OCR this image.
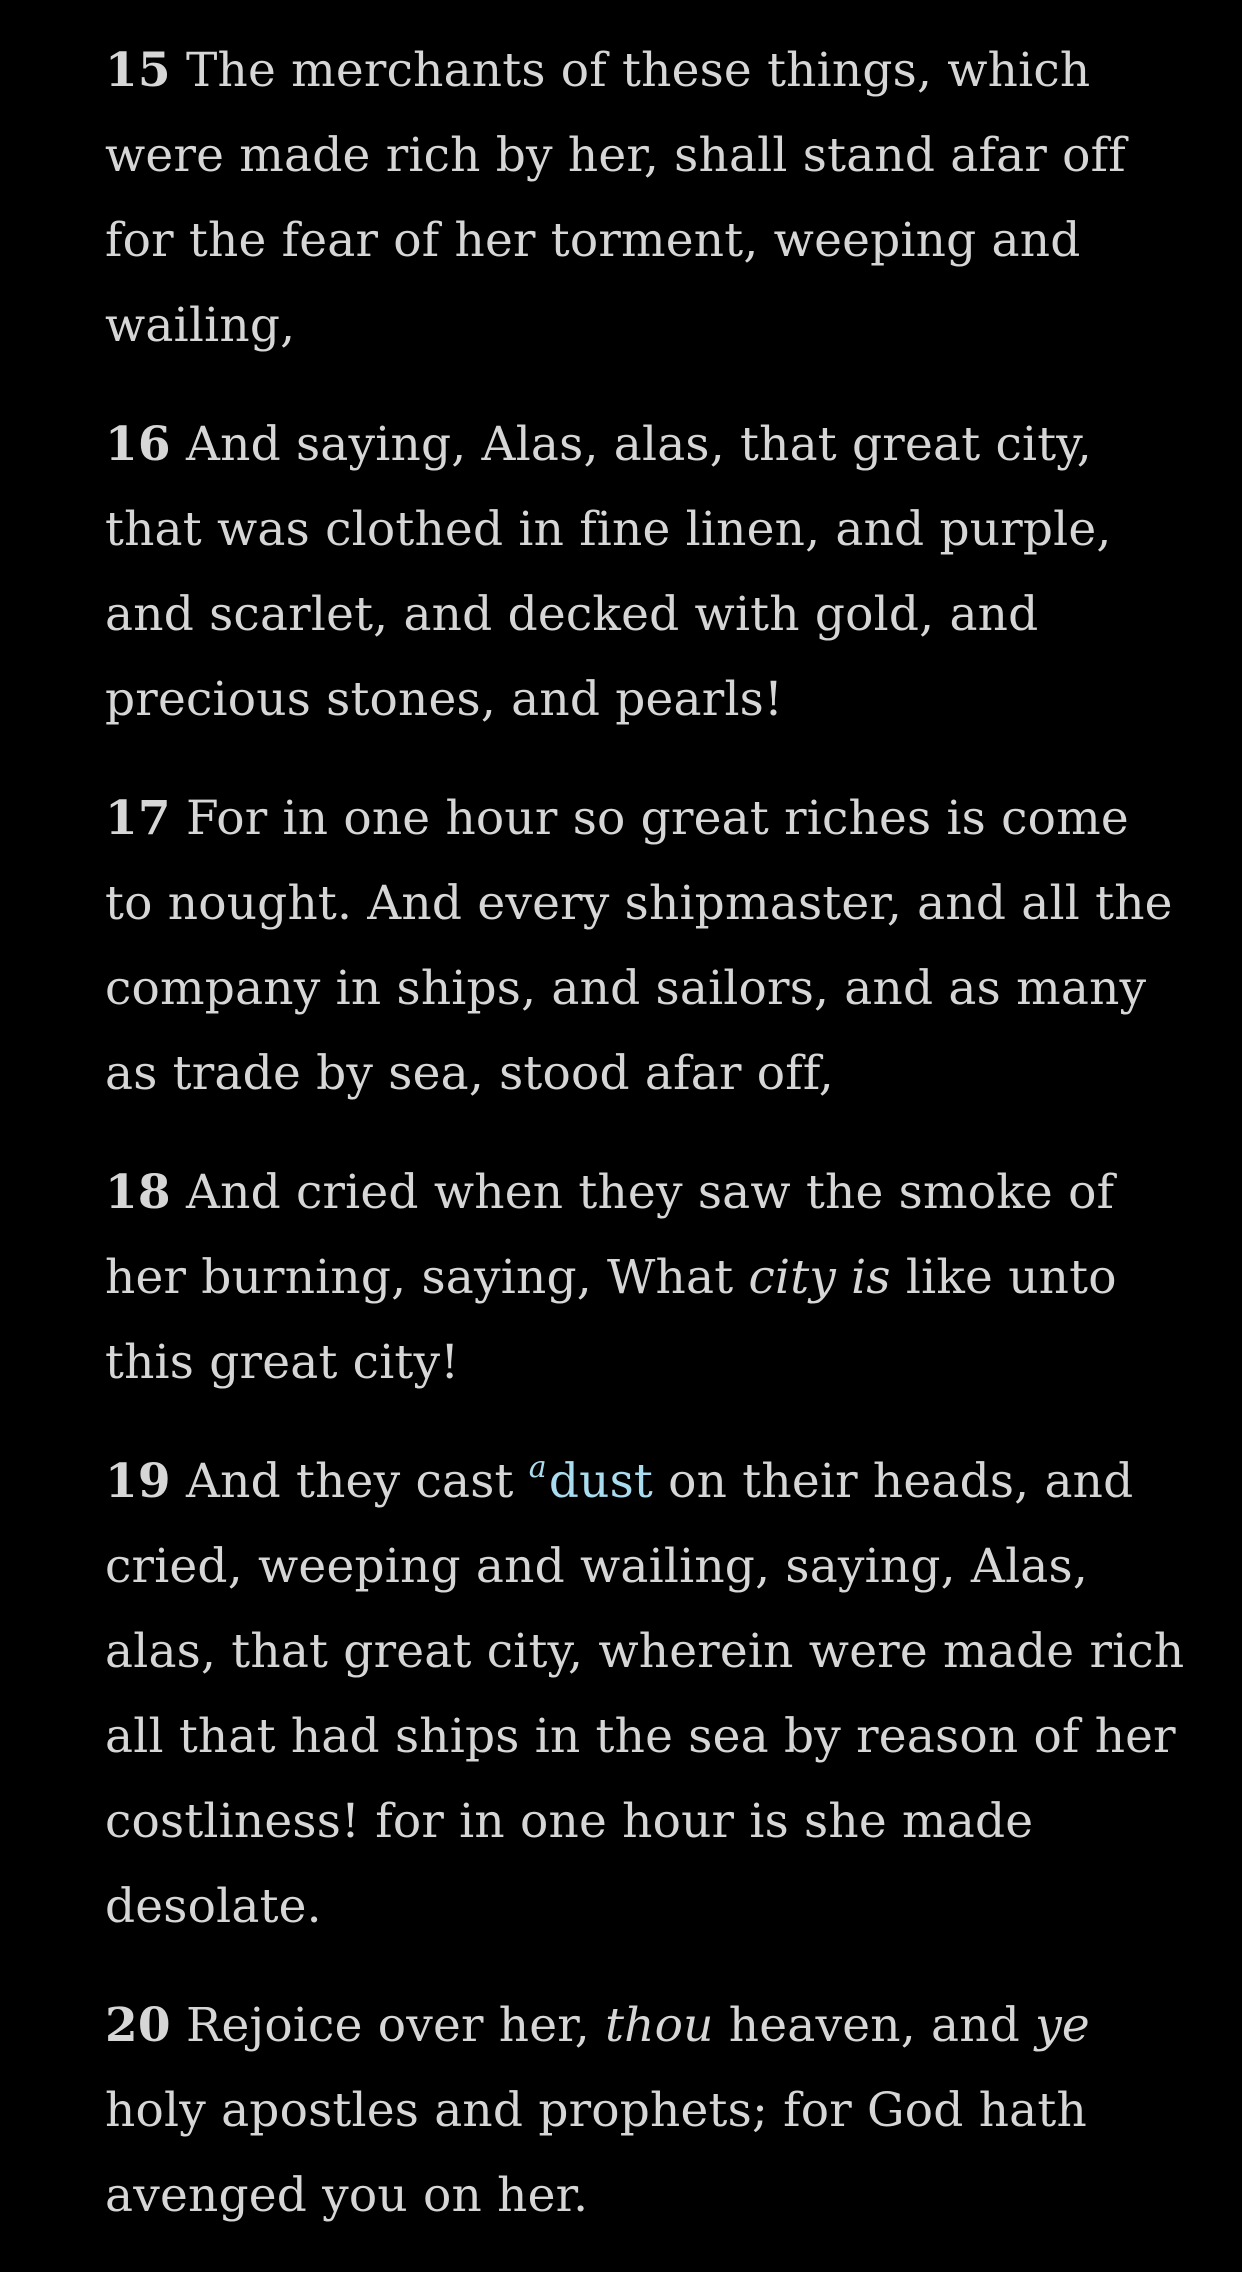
15 The merchants of these things, which were made rich by her, shall stand afar off for the fear of her torment, weeping and wailing,

16 And saying, Alas, alas, that great city, that was clothed in fine linen, and purple, and scarlet, and decked with gold, and precious stones, and pearls!

17 For in one hour so great riches is come to nought. And every shipmaster, and all the company in ships, and sailors, and as many as trade by sea, stood afar off,

18 And cried when they saw the smoke of her burning, saying, What city is like unto this great city!

19 And they cast $^a$dust on their heads, and cried, weeping and wailing, saying, Alas, alas, that great city, wherein were made rich all that had ships in the sea by reason of her costliness! for in one hour is she made desolate.

20 Rejoice over her, thou heaven, and ye holy apostles and prophets; for God hath avenged you on her.
